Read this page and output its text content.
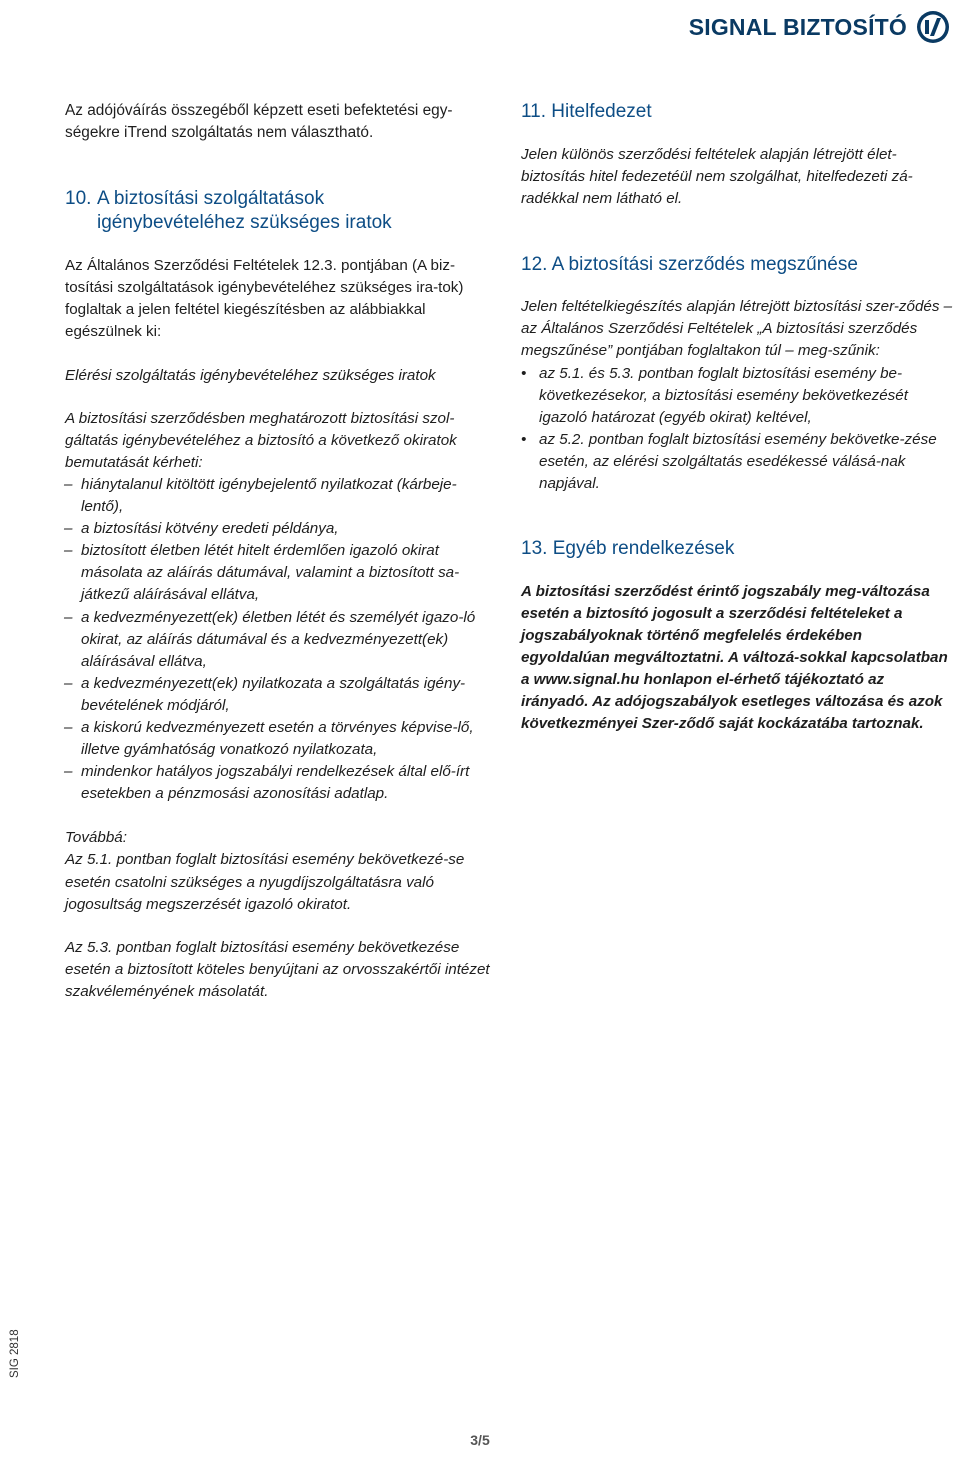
SIGNAL BIZTOSÍTÓ

Az adójóváírás összegéből képzett eseti befektetési egy-ségekre iTrend szolgáltatás nem választható.

10. A biztosítási szolgáltatások
igénybevételéhez szükséges iratok

Az Általános Szerződési Feltételek 12.3. pontjában (A biz-tosítási szolgáltatások igénybevételéhez szükséges ira-tok) foglaltak a jelen feltétel kiegészítésben az alábbiakkal egészülnek ki:

Elérési szolgáltatás igénybevételéhez szükséges iratok

A biztosítási szerződésben meghatározott biztosítási szol-gáltatás igénybevételéhez a biztosító a következő okiratok bemutatását kérheti:

– hiánytalanul kitöltött igénybejelentő nyilatkozat (kárbeje-lentő),
– a biztosítási kötvény eredeti példánya,
– biztosított életben létét hitelt érdemlően igazoló okirat másolata az aláírás dátumával, valamint a biztosított sa-játkezű aláírásával ellátva,
– a kedvezményezett(ek) életben létét és személyét igazo-ló okirat, az aláírás dátumával és a kedvezményezett(ek) aláírásával ellátva,
– a kedvezményezett(ek) nyilatkozata a szolgáltatás igény-bevételének módjáról,
– a kiskorú kedvezményezett esetén a törvényes képvise-lő, illetve gyámhatóság vonatkozó nyilatkozata,
– mindenkor hatályos jogszabályi rendelkezések által elő-írt esetekben a pénzmosási azonosítási adatlap.

Továbbá:

Az 5.1. pontban foglalt biztosítási esemény bekövetkezé-se esetén csatolni szükséges a nyugdíjszolgáltatásra való jogosultság megszerzését igazoló okiratot.

Az 5.3. pontban foglalt biztosítási esemény bekövetkezése esetén a biztosított köteles benyújtani az orvosszakértői intézet szakvéleményének másolatát.

11. Hitelfedezet

Jelen különös szerződési feltételek alapján létrejött élet-biztosítás hitel fedezetéül nem szolgálhat, hitelfedezeti zá-radékkal nem látható el.

12. A biztosítási szerződés megszűnése

Jelen feltételkiegészítés alapján létrejött biztosítási szer-ződés – az Általános Szerződési Feltételek „A biztosítási szerződés megszűnése” pontjában foglaltakon túl – meg-szűnik:

• az 5.1. és 5.3. pontban foglalt biztosítási esemény be-következésekor, a biztosítási esemény bekövetkezését igazoló határozat (egyéb okirat) keltével,
• az 5.2. pontban foglalt biztosítási esemény bekövetke-zése esetén, az elérési szolgáltatás esedékessé válásá-nak napjával.
13. Egyéb rendelkezések

A biztosítási szerződést érintő jogszabály meg-változása esetén a biztosító jogosult a szerződési feltételeket a jogszabályoknak történő megfelelés érdekében egyoldalúan megváltoztatni. A változá-sokkal kapcsolatban a www.signal.hu honlapon el-érhető tájékoztató az irányadó. Az adójogszabályok esetleges változása és azok következményei Szer-ződő saját kockázatába tartoznak.

SIG 2818
3/5
